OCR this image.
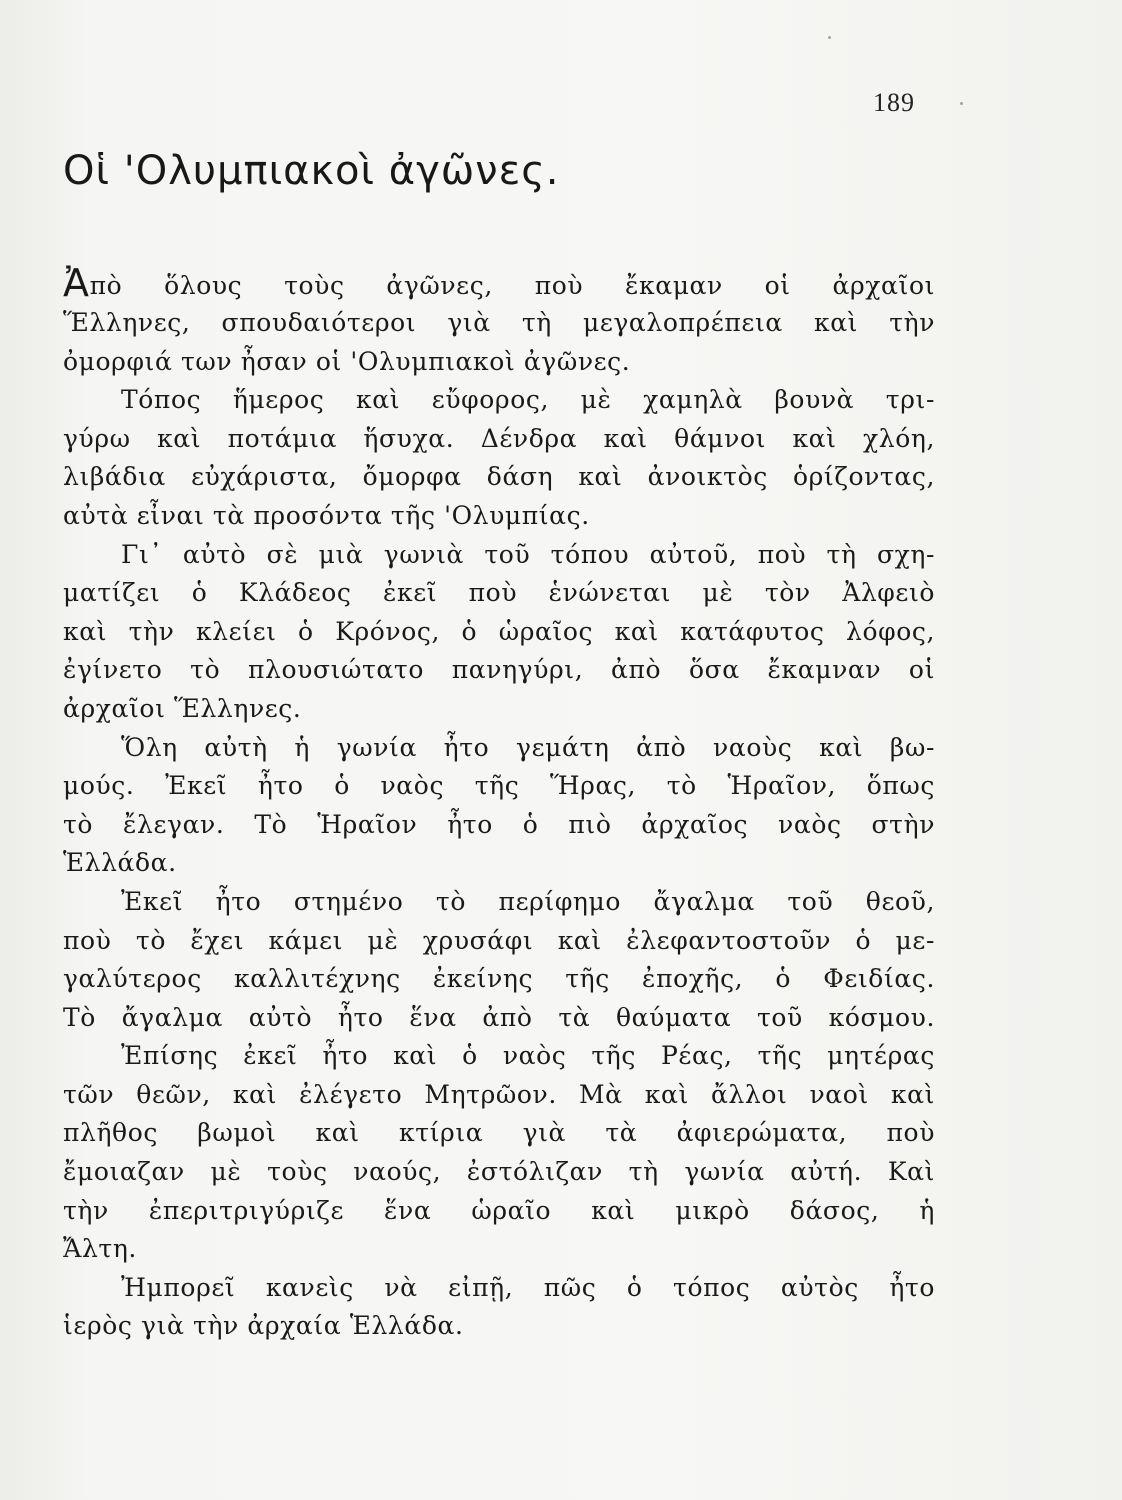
189
Οἱ 'Ολυμπιακοὶ ἀγῶνες.
Ἀπὸ ὅλους τοὺς ἀγῶνες, ποὺ ἔκαμαν οἱ ἀρχαῖοι
Ἕλληνες, σπουδαιότεροι γιὰ τὴ μεγαλοπρέπεια καὶ τὴν
ὀμορφιά των ἦσαν οἱ 'Ολυμπιακοὶ ἀγῶνες.
Τόπος ἥμερος καὶ εὔφορος, μὲ χαμηλὰ βουνὰ τρι-
γύρω καὶ ποτάμια ἥσυχα. Δένδρα καὶ θάμνοι καὶ χλόη,
λιβάδια εὐχάριστα, ὄμορφα δάση καὶ ἀνοικτὸς ὁρίζοντας,
αὐτὰ εἶναι τὰ προσόντα τῆς 'Ολυμπίας.
Γι᾿ αὐτὸ σὲ μιὰ γωνιὰ τοῦ τόπου αὐτοῦ, ποὺ τὴ σχη-
ματίζει ὁ Κλάδεος ἐκεῖ ποὺ ἑνώνεται μὲ τὸν Ἀλφειὸ
καὶ τὴν κλείει ὁ Κρόνος, ὁ ὡραῖος καὶ κατάφυτος λόφος,
ἐγίνετο τὸ πλουσιώτατο πανηγύρι, ἀπὸ ὅσα ἔκαμναν οἱ
ἀρχαῖοι Ἕλληνες.
Ὅλη αὐτὴ ἡ γωνία ἦτο γεμάτη ἀπὸ ναοὺς καὶ βω-
μούς. Ἐκεῖ ἦτο ὁ ναὸς τῆς Ἥρας, τὸ Ἡραῖον, ὅπως
τὸ ἔλεγαν. Τὸ Ἡραῖον ἦτο ὁ πιὸ ἀρχαῖος ναὸς στὴν
Ἑλλάδα.
Ἐκεῖ ἦτο στημένο τὸ περίφημο ἄγαλμα τοῦ θεοῦ,
ποὺ τὸ ἔχει κάμει μὲ χρυσάφι καὶ ἐλεφαντοστοῦν ὁ με-
γαλύτερος καλλιτέχνης ἐκείνης τῆς ἐποχῆς, ὁ Φειδίας.
Τὸ ἄγαλμα αὐτὸ ἦτο ἕνα ἀπὸ τὰ θαύματα τοῦ κόσμου.
Ἐπίσης ἐκεῖ ἦτο καὶ ὁ ναὸς τῆς Ρέας, τῆς μητέρας
τῶν θεῶν, καὶ ἐλέγετο Μητρῶον. Μὰ καὶ ἄλλοι ναοὶ καὶ
πλῆθος βωμοὶ καὶ κτίρια γιὰ τὰ ἀφιερώματα, ποὺ
ἔμοιαζαν μὲ τοὺς ναούς, ἐστόλιζαν τὴ γωνία αὐτή. Καὶ
τὴν ἐπεριτριγύριζε ἕνα ὡραῖο καὶ μικρὸ δάσος, ἡ
Ἄλτη.
Ἠμπορεῖ κανεὶς νὰ εἰπῇ, πῶς ὁ τόπος αὐτὸς ἦτο
ἱερὸς γιὰ τὴν ἀρχαία Ἑλλάδα.
